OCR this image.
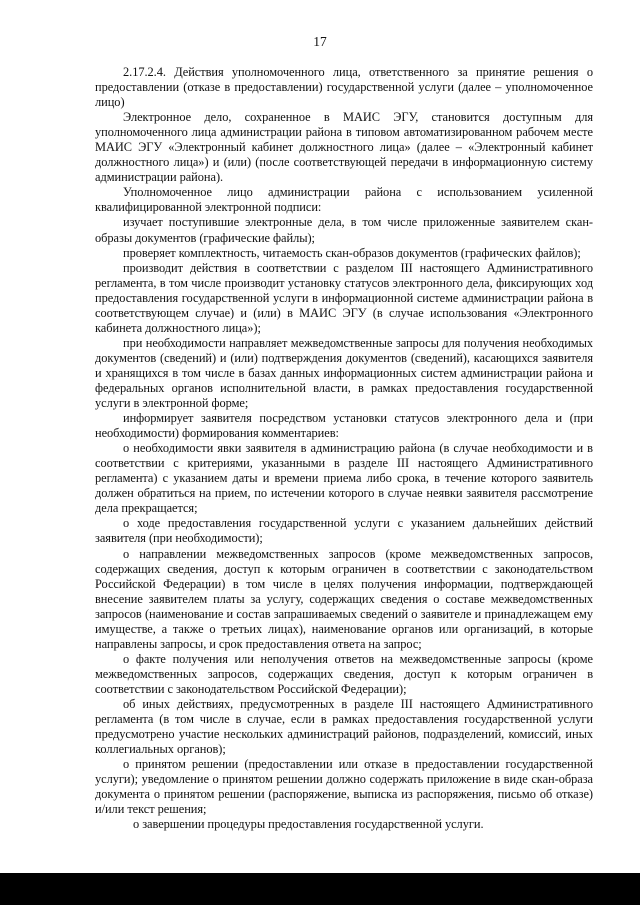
17

2.17.2.4. Действия уполномоченного лица, ответственного за принятие решения о предоставлении (отказе в предоставлении) государственной услуги (далее – уполномоченное лицо)

Электронное дело, сохраненное в МАИС ЭГУ, становится доступным для уполномоченного лица администрации района в типовом автоматизированном рабочем месте МАИС ЭГУ «Электронный кабинет должностного лица» (далее – «Электронный кабинет должностного лица») и (или) (после соответствующей передачи в информационную систему администрации района).

Уполномоченное лицо администрации района с использованием усиленной квалифицированной электронной подписи:

изучает поступившие электронные дела, в том числе приложенные заявителем скан-образы документов (графические файлы);

проверяет комплектность, читаемость скан-образов документов (графических файлов);

производит действия в соответствии с разделом III настоящего Административного регламента, в том числе производит установку статусов электронного дела, фиксирующих ход предоставления государственной услуги в информационной системе администрации района в соответствующем случае) и (или) в МАИС ЭГУ (в случае использования «Электронного кабинета должностного лица»);

при необходимости направляет межведомственные запросы для получения необходимых документов (сведений) и (или) подтверждения документов (сведений), касающихся заявителя и хранящихся в том числе в базах данных информационных систем администрации района и федеральных органов исполнительной власти, в рамках предоставления государственной услуги в электронной форме;

информирует заявителя посредством установки статусов электронного дела и (при необходимости) формирования комментариев:

о необходимости явки заявителя в администрацию района (в случае необходимости и в соответствии с критериями, указанными в разделе III настоящего Административного регламента) с указанием даты и времени приема либо срока, в течение которого заявитель должен обратиться на прием, по истечении которого в случае неявки заявителя рассмотрение дела прекращается;

о ходе предоставления государственной услуги с указанием дальнейших действий заявителя (при необходимости);

о направлении межведомственных запросов (кроме межведомственных запросов, содержащих сведения, доступ к которым ограничен в соответствии с законодательством Российской Федерации) в том числе в целях получения информации, подтверждающей внесение заявителем платы за услугу, содержащих сведения о составе межведомственных запросов (наименование и состав запрашиваемых сведений о заявителе и принадлежащем ему имуществе, а также о третьих лицах), наименование органов или организаций, в которые направлены запросы, и срок предоставления ответа на запрос;

о факте получения или неполучения ответов на межведомственные запросы (кроме межведомственных запросов, содержащих сведения, доступ к которым ограничен в соответствии с законодательством Российской Федерации);

об иных действиях, предусмотренных в разделе III настоящего Административного регламента (в том числе в случае, если в рамках предоставления государственной услуги предусмотрено участие нескольких администраций районов, подразделений, комиссий, иных коллегиальных органов);

о принятом решении (предоставлении или отказе в предоставлении государственной услуги); уведомление о принятом решении должно содержать приложение в виде скан-образа документа о принятом решении (распоряжение, выписка из распоряжения, письмо об отказе) и/или текст решения;

о завершении процедуры предоставления государственной услуги.
